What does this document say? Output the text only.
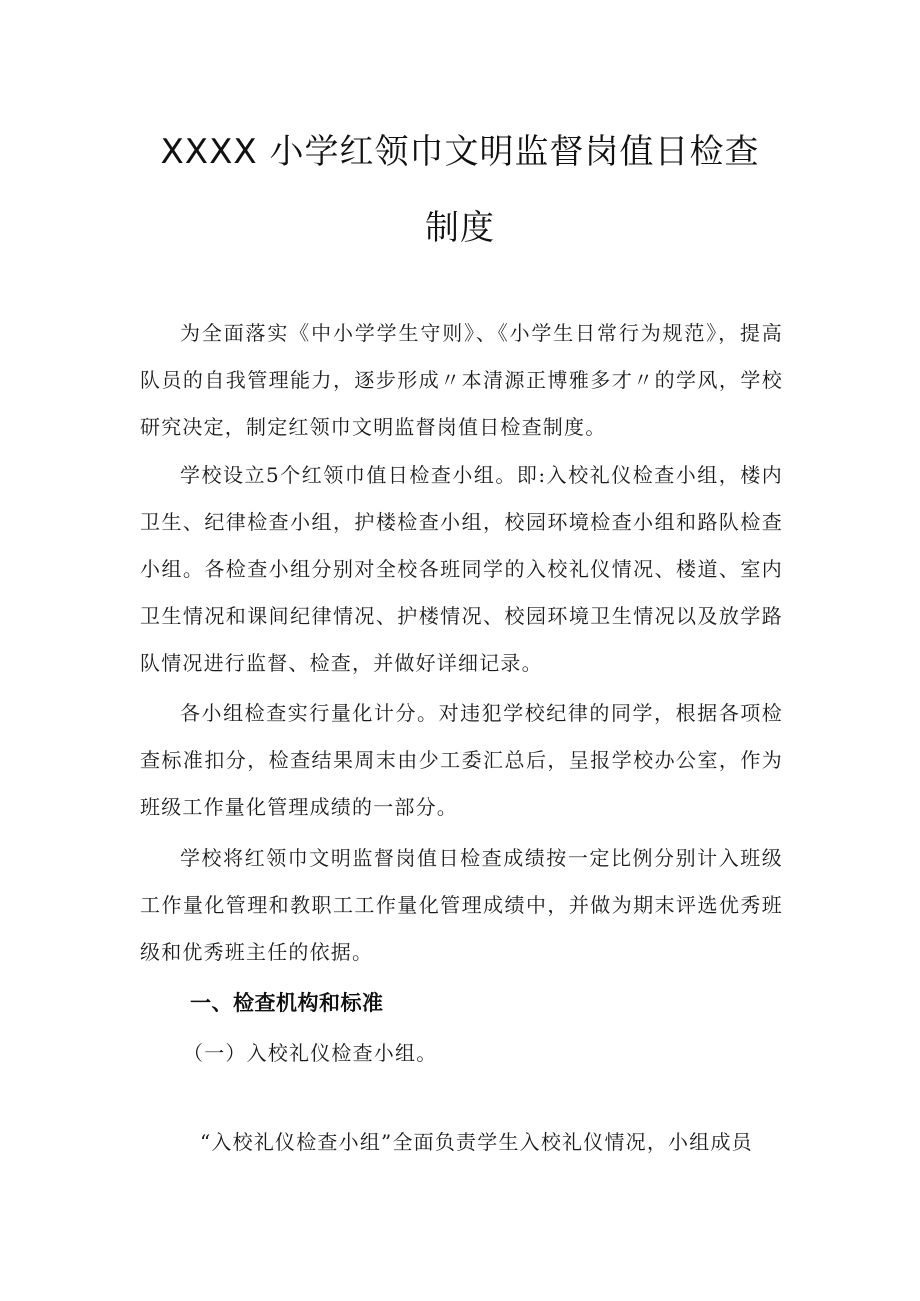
XXXX 小学红领巾文明监督岗值日检查
制度

为全面落实《中小学学生守则》、《小学生日常行为规范》，提高队员的自我管理能力，逐步形成〃本清源正博雅多才〃的学风，学校研究决定，制定红领巾文明监督岗值日检查制度。

学校设立5个红领巾值日检查小组。即:入校礼仪检查小组，楼内卫生、纪律检查小组，护楼检查小组，校园环境检查小组和路队检查小组。各检查小组分别对全校各班同学的入校礼仪情况、楼道、室内卫生情况和课间纪律情况、护楼情况、校园环境卫生情况以及放学路队情况进行监督、检查，并做好详细记录。

各小组检查实行量化计分。对违犯学校纪律的同学，根据各项检查标准扣分，检查结果周末由少工委汇总后，呈报学校办公室，作为班级工作量化管理成绩的一部分。

学校将红领巾文明监督岗值日检查成绩按一定比例分别计入班级工作量化管理和教职工工作量化管理成绩中，并做为期末评选优秀班级和优秀班主任的依据。

一、检查机构和标准
（一）入校礼仪检查小组。
“入校礼仪检查小组”全面负责学生入校礼仪情况，小组成员
